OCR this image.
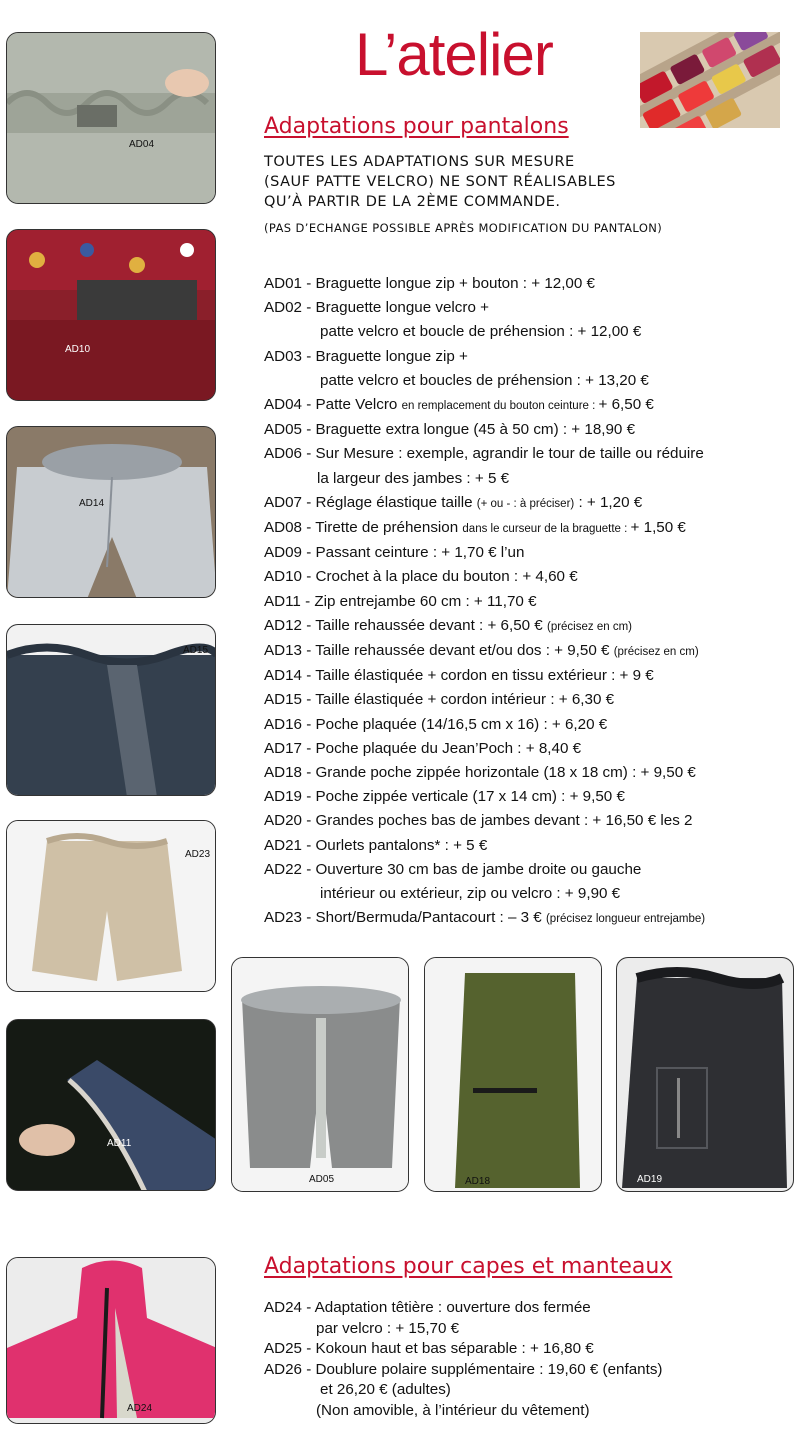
L’atelier
AD04
AD10
AD14
AD15
AD23
AD11
AD05	AD18	AD19
AD24
Adaptations pour pantalons
TOUTES LES ADAPTATIONS SUR MESURE
(SAUF PATTE VELCRO) NE SONT RÉALISABLES
QU’À PARTIR DE LA 2ÈME COMMANDE.
(PAS D’ECHANGE POSSIBLE APRÈS MODIFICATION DU PANTALON)
AD01 - Braguette longue zip + bouton : + 12,00 €
AD02 - Braguette longue velcro +
patte velcro et boucle de préhension : + 12,00 €
AD03 - Braguette longue zip +
patte velcro et boucles de préhension : + 13,20 €
AD04 - Patte Velcro en remplacement du bouton ceinture : + 6,50 €
AD05 - Braguette extra longue (45 à 50 cm) : + 18,90 €
AD06 - Sur Mesure : exemple, agrandir le tour de taille ou réduire
la largeur des jambes : + 5 €
AD07 - Réglage élastique taille (+ ou - : à préciser) : + 1,20 €
AD08 - Tirette de préhension dans le curseur de la braguette : + 1,50 €
AD09 - Passant ceinture : + 1,70 € l’un
AD10 - Crochet à la place du bouton : + 4,60 €
AD11 - Zip entrejambe 60 cm : + 11,70 €
AD12 - Taille rehaussée devant : + 6,50 € (précisez en cm)
AD13 - Taille rehaussée devant et/ou dos : + 9,50 € (précisez en cm)
AD14 - Taille élastiquée + cordon en tissu extérieur : + 9 €
AD15 - Taille élastiquée + cordon intérieur : + 6,30 €
AD16 - Poche plaquée (14/16,5 cm x 16) : + 6,20 €
AD17 - Poche plaquée du Jean’Poch : + 8,40 €
AD18 - Grande poche zippée horizontale (18 x 18 cm) : + 9,50 €
AD19 - Poche zippée verticale (17 x 14 cm) : + 9,50 €
AD20 - Grandes poches bas de jambes devant : + 16,50 € les 2
AD21 - Ourlets pantalons* : + 5 €
AD22 - Ouverture 30 cm bas de jambe droite ou gauche
intérieur ou extérieur, zip ou velcro : + 9,90 €
AD23 - Short/Bermuda/Pantacourt : – 3 € (précisez longueur entrejambe)
Adaptations pour capes et manteaux
AD24 - Adaptation têtière : ouverture dos fermée
par velcro : + 15,70 €
AD25 - Kokoun haut et bas séparable : + 16,80 €
AD26 - Doublure polaire supplémentaire : 19,60 € (enfants)
et 26,20 € (adultes)
(Non amovible, à l’intérieur du vêtement)
